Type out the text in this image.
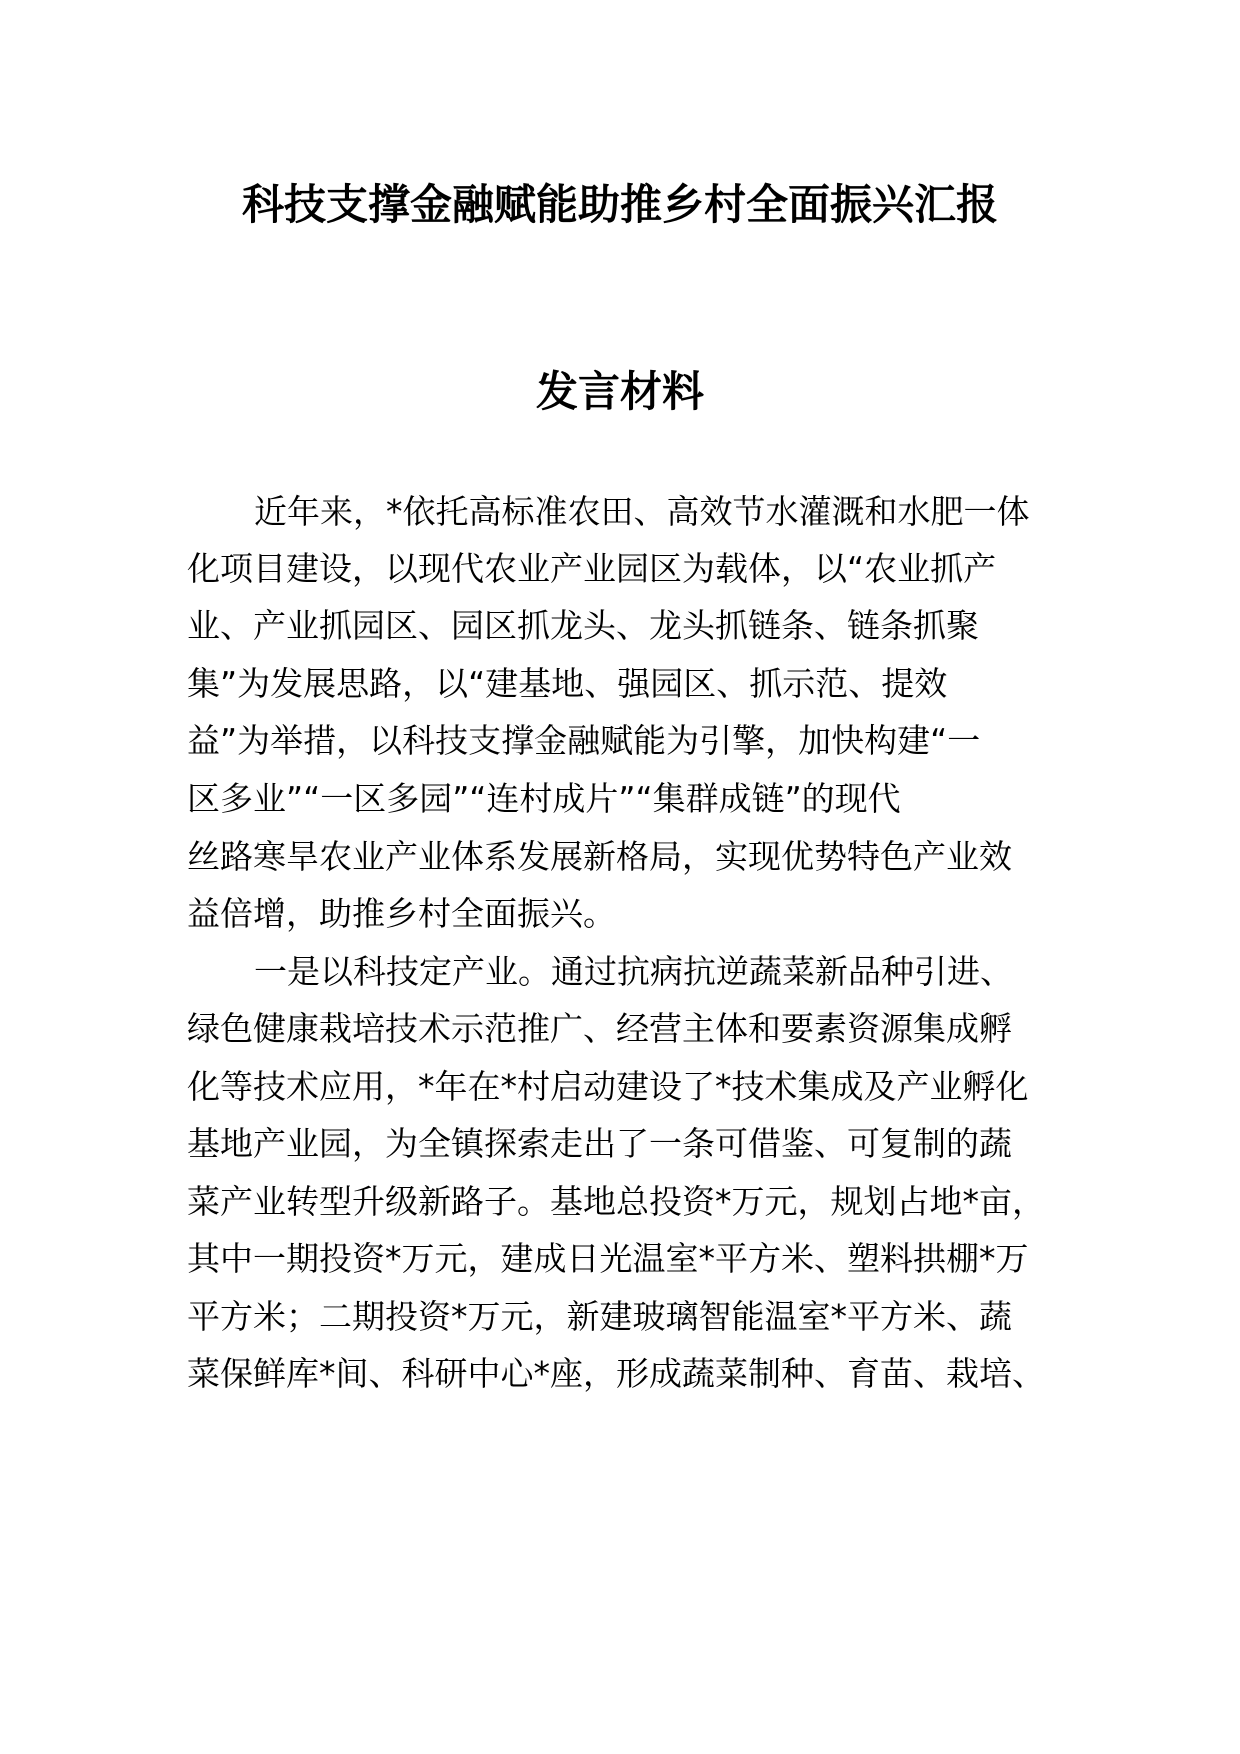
科技支撑金融赋能助推乡村全面振兴汇报
发言材料
近年来，*依托高标准农田、高效节水灌溉和水肥一体
化项目建设，以现代农业产业园区为载体，以“农业抓产
业、产业抓园区、园区抓龙头、龙头抓链条、链条抓聚
集”为发展思路，以“建基地、强园区、抓示范、提效
益”为举措，以科技支撑金融赋能为引擎，加快构建“一
区多业”“一区多园”“连村成片”“集群成链”的现代
丝路寒旱农业产业体系发展新格局，实现优势特色产业效
益倍增，助推乡村全面振兴。
一是以科技定产业。通过抗病抗逆蔬菜新品种引进、
绿色健康栽培技术示范推广、经营主体和要素资源集成孵
化等技术应用，*年在*村启动建设了*技术集成及产业孵化
基地产业园，为全镇探索走出了一条可借鉴、可复制的蔬
菜产业转型升级新路子。基地总投资*万元，规划占地*亩，
其中一期投资*万元，建成日光温室*平方米、塑料拱棚*万
平方米；二期投资*万元，新建玻璃智能温室*平方米、蔬
菜保鲜库*间、科研中心*座，形成蔬菜制种、育苗、栽培、
